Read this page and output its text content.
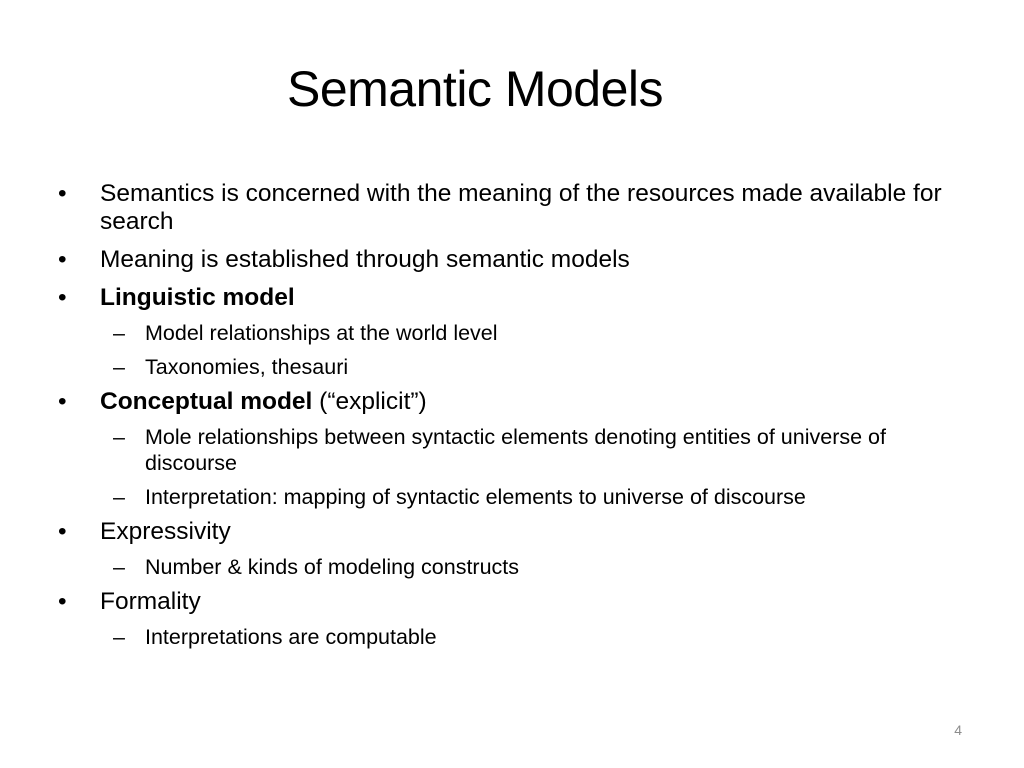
Semantic Models
•	Semantics is concerned with the meaning of the resources made available for search
•	Meaning is established through semantic models
•	Linguistic model
– Model relationships at the world level
– Taxonomies, thesauri
•	Conceptual model (“explicit”)
– Mole relationships between syntactic elements denoting entities of universe of discourse
– Interpretation: mapping of syntactic elements to universe of discourse
•	Expressivity
– Number & kinds of modeling constructs
•	Formality
– Interpretations are computable
4
